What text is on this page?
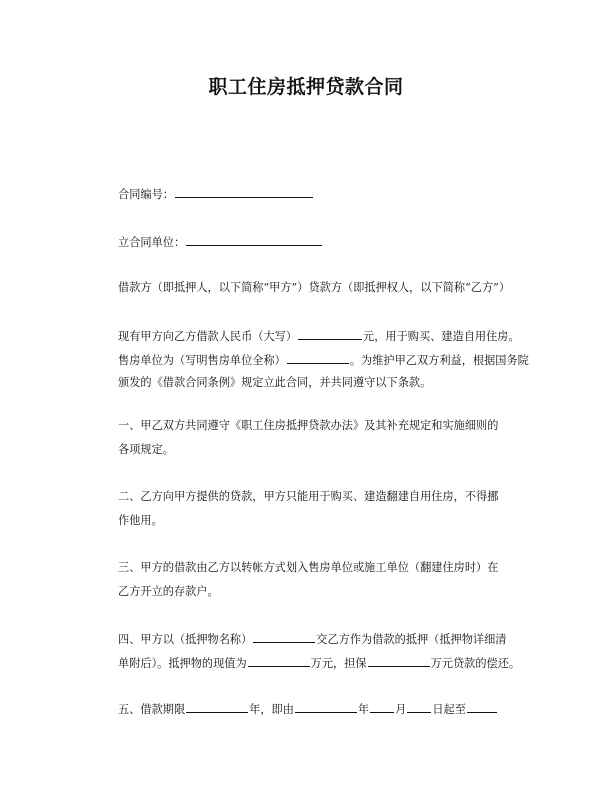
职工住房抵押贷款合同
合同编号：
立合同单位：
借款方（即抵押人，以下简称“甲方”）贷款方（即抵押权人，以下简称“乙方”）
现有甲方向乙方借款人民币（大写）	元，用于购买、建造自用住房。
售房单位为（写明售房单位全称）	。为维护甲乙双方利益，根据国务院
颁发的《借款合同条例》规定立此合同，并共同遵守以下条款。
一、甲乙双方共同遵守《职工住房抵押贷款办法》及其补充规定和实施细则的
各项规定。
二、乙方向甲方提供的贷款，甲方只能用于购买、建造翻建自用住房，不得挪
作他用。
三、甲方的借款由乙方以转帐方式划入售房单位或施工单位（翻建住房时）在
乙方开立的存款户。
四、甲方以（抵押物名称）	交乙方作为借款的抵押（抵押物详细清
单附后）。抵押物的现值为	万元，担保	万元贷款的偿还。
五、借款期限	年，即由	年 月 日起至
